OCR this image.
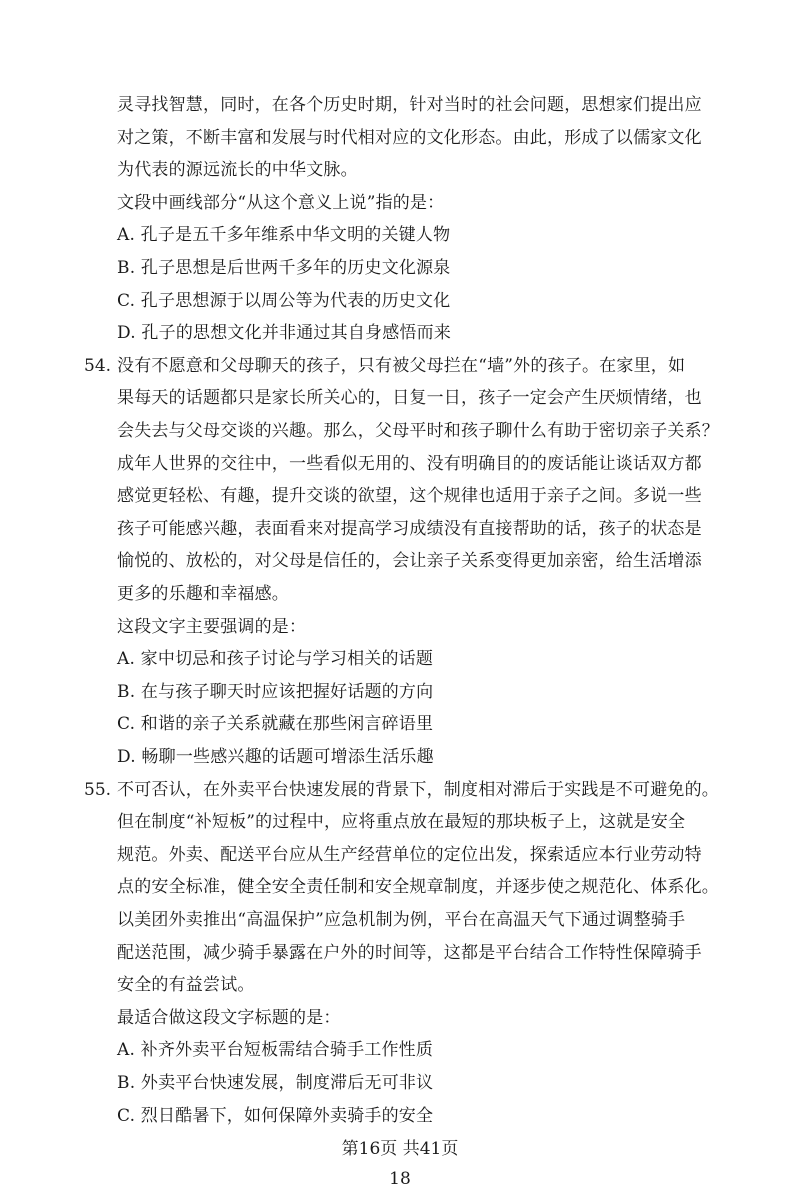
灵寻找智慧，同时，在各个历史时期，针对当时的社会问题，思想家们提出应
对之策，不断丰富和发展与时代相对应的文化形态。由此，形成了以儒家文化
为代表的源远流长的中华文脉。
文段中画线部分“从这个意义上说”指的是：
A. 孔子是五千多年维系中华文明的关键人物
B. 孔子思想是后世两千多年的历史文化源泉
C. 孔子思想源于以周公等为代表的历史文化
D. 孔子的思想文化并非通过其自身感悟而来
54. 没有不愿意和父母聊天的孩子，只有被父母拦在“墙”外的孩子。在家里，如
果每天的话题都只是家长所关心的，日复一日，孩子一定会产生厌烦情绪，也
会失去与父母交谈的兴趣。那么，父母平时和孩子聊什么有助于密切亲子关系？
成年人世界的交往中，一些看似无用的、没有明确目的的废话能让谈话双方都
感觉更轻松、有趣，提升交谈的欲望，这个规律也适用于亲子之间。多说一些
孩子可能感兴趣，表面看来对提高学习成绩没有直接帮助的话，孩子的状态是
愉悦的、放松的，对父母是信任的，会让亲子关系变得更加亲密，给生活增添
更多的乐趣和幸福感。
这段文字主要强调的是：
A. 家中切忌和孩子讨论与学习相关的话题
B. 在与孩子聊天时应该把握好话题的方向
C. 和谐的亲子关系就藏在那些闲言碎语里
D. 畅聊一些感兴趣的话题可增添生活乐趣
55. 不可否认，在外卖平台快速发展的背景下，制度相对滞后于实践是不可避免的。
但在制度“补短板”的过程中，应将重点放在最短的那块板子上，这就是安全
规范。外卖、配送平台应从生产经营单位的定位出发，探索适应本行业劳动特
点的安全标准，健全安全责任制和安全规章制度，并逐步使之规范化、体系化。
以美团外卖推出“高温保护”应急机制为例，平台在高温天气下通过调整骑手
配送范围，减少骑手暴露在户外的时间等，这都是平台结合工作特性保障骑手
安全的有益尝试。
最适合做这段文字标题的是：
A. 补齐外卖平台短板需结合骑手工作性质
B. 外卖平台快速发展，制度滞后无可非议
C. 烈日酷暑下，如何保障外卖骑手的安全
第16页 共41页
18
